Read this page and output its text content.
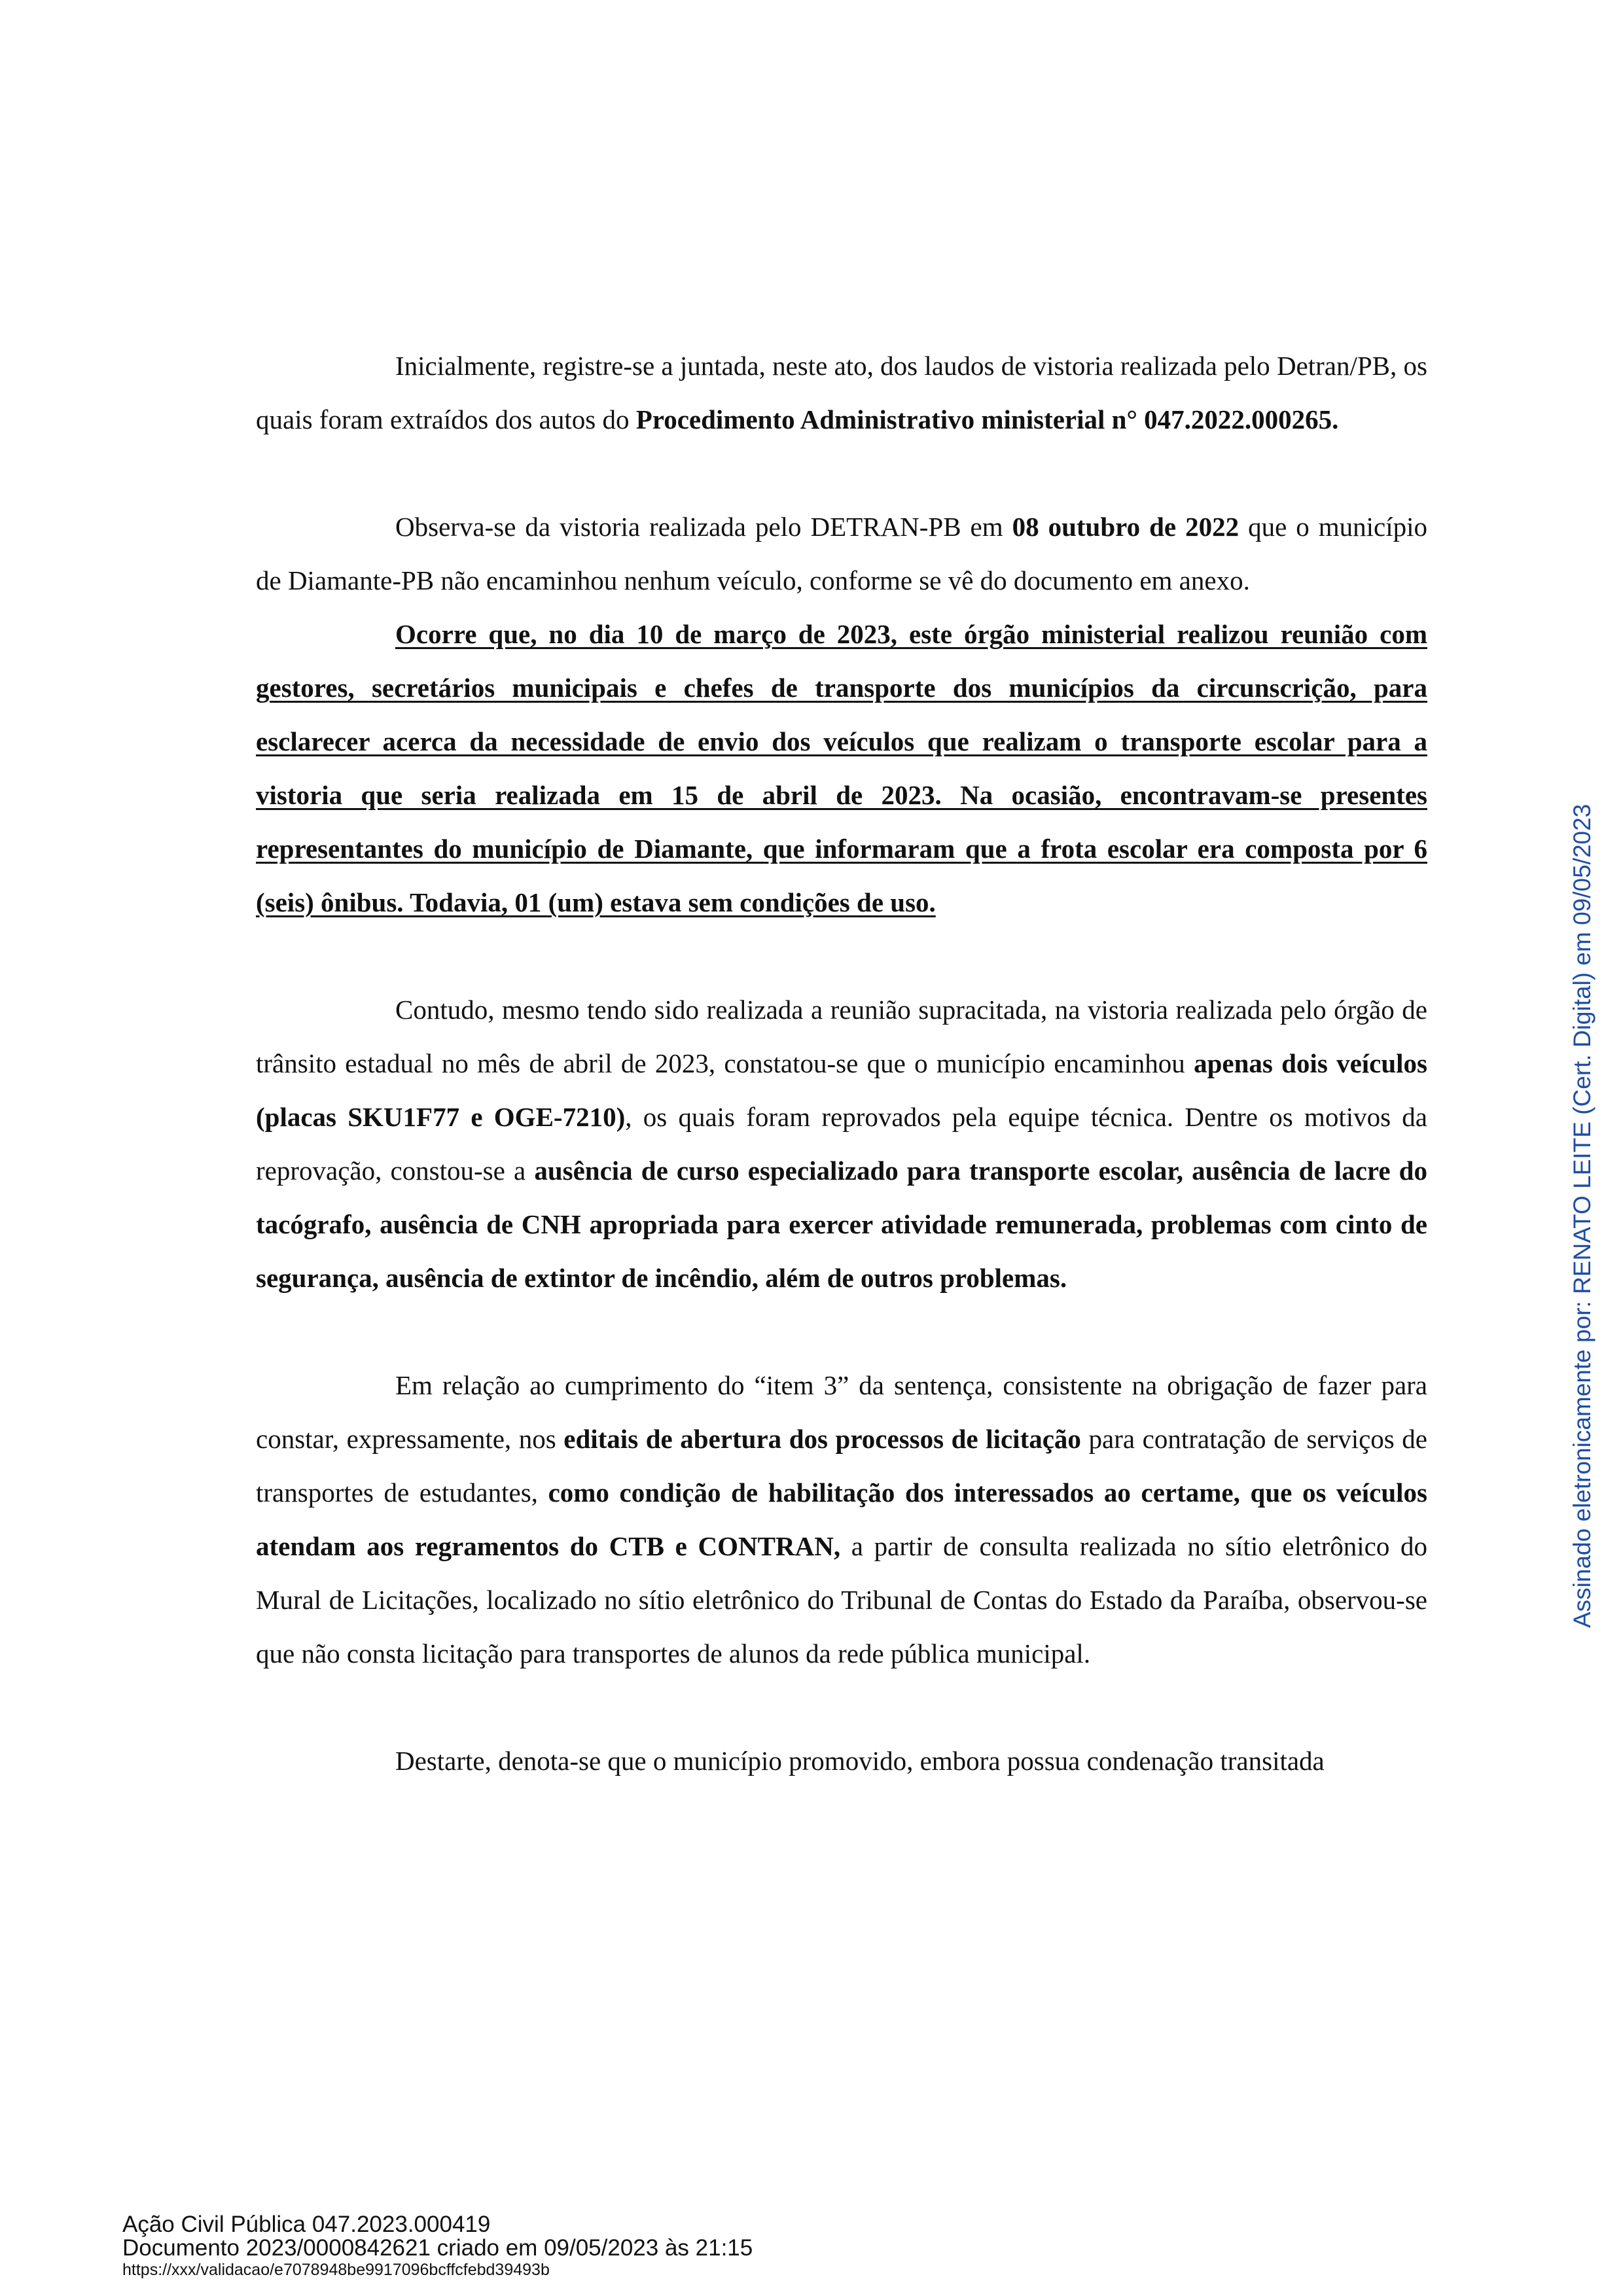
Inicialmente, registre-se a juntada, neste ato, dos laudos de vistoria realizada pelo Detran/PB, os quais foram extraídos dos autos do Procedimento Administrativo ministerial n° 047.2022.000265.

Observa-se da vistoria realizada pelo DETRAN-PB em 08 outubro de 2022 que o município de Diamante-PB não encaminhou nenhum veículo, conforme se vê do documento em anexo.

Ocorre que, no dia 10 de março de 2023, este órgão ministerial realizou reunião com gestores, secretários municipais e chefes de transporte dos municípios da circunscrição, para esclarecer acerca da necessidade de envio dos veículos que realizam o transporte escolar para a vistoria que seria realizada em 15 de abril de 2023. Na ocasião, encontravam-se presentes representantes do município de Diamante, que informaram que a frota escolar era composta por 6 (seis) ônibus. Todavia, 01 (um) estava sem condições de uso.

Contudo, mesmo tendo sido realizada a reunião supracitada, na vistoria realizada pelo órgão de trânsito estadual no mês de abril de 2023, constatou-se que o município encaminhou apenas dois veículos (placas SKU1F77 e OGE-7210), os quais foram reprovados pela equipe técnica. Dentre os motivos da reprovação, constou-se a ausência de curso especializado para transporte escolar, ausência de lacre do tacógrafo, ausência de CNH apropriada para exercer atividade remunerada, problemas com cinto de segurança, ausência de extintor de incêndio, além de outros problemas.

Em relação ao cumprimento do “item 3” da sentença, consistente na obrigação de fazer para constar, expressamente, nos editais de abertura dos processos de licitação para contratação de serviços de transportes de estudantes, como condição de habilitação dos interessados ao certame, que os veículos atendam aos regramentos do CTB e CONTRAN, a partir de consulta realizada no sítio eletrônico do Mural de Licitações, localizado no sítio eletrônico do Tribunal de Contas do Estado da Paraíba, observou-se que não consta licitação para transportes de alunos da rede pública municipal.

Destarte, denota-se que o município promovido, embora possua condenação transitada

Assinado eletronicamente por: RENATO LEITE (Cert. Digital) em 09/05/2023
Ação Civil Pública 047.2023.000419
Documento 2023/0000842621 criado em 09/05/2023 às 21:15
https://xxx/validacao/e7078948be9917096bcffcfebd39493b
